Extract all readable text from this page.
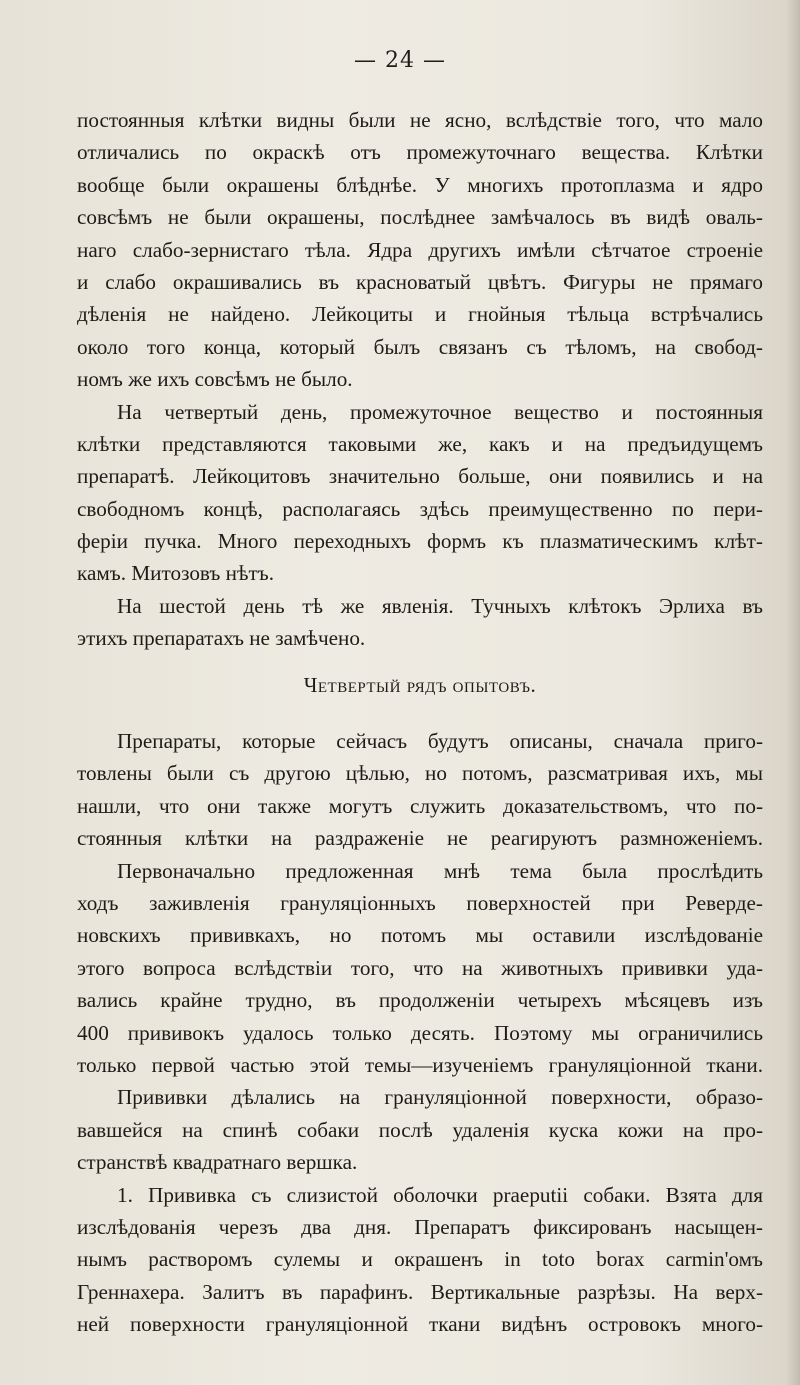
— 24 —
постоянныя клѣтки видны были не ясно, вслѣдствіе того, что мало
отличались по окраскѣ отъ промежуточнаго вещества. Клѣтки
вообще были окрашены блѣднѣе. У многихъ протоплазма и ядро
совсѣмъ не были окрашены, послѣднее замѣчалось въ видѣ оваль-
наго слабо-зернистаго тѣла. Ядра другихъ имѣли сѣтчатое строеніе
и слабо окрашивались въ красноватый цвѣтъ. Фигуры не прямаго
дѣленія не найдено. Лейкоциты и гнойныя тѣльца встрѣчались
около того конца, который былъ связанъ съ тѣломъ, на свобод-
номъ же ихъ совсѣмъ не было.
На четвертый день, промежуточное вещество и постоянныя
клѣтки представляются таковыми же, какъ и на предъидущемъ
препаратѣ. Лейкоцитовъ значительно больше, они появились и на
свободномъ концѣ, располагаясь здѣсь преимущественно по пери-
феріи пучка. Много переходныхъ формъ къ плазматическимъ клѣт-
камъ. Митозовъ нѣтъ.
На шестой день тѣ же явленія. Тучныхъ клѣтокъ Эрлиха въ
этихъ препаратахъ не замѣчено.
Четвертый рядъ опытовъ.
Препараты, которые сейчасъ будутъ описаны, сначала приго-
товлены были съ другою цѣлью, но потомъ, разсматривая ихъ, мы
нашли, что они также могутъ служить доказательствомъ, что по-
стоянныя клѣтки на раздраженіе не реагируютъ размноженіемъ.
Первоначально предложенная мнѣ тема была прослѣдить
ходъ заживленія грануляціонныхъ поверхностей при Реверде-
новскихъ прививкахъ, но потомъ мы оставили изслѣдованіе
этого вопроса вслѣдствіи того, что на животныхъ прививки уда-
вались крайне трудно, въ продолженіи четырехъ мѣсяцевъ изъ
400 прививокъ удалось только десять. Поэтому мы ограничились
только первой частью этой темы—изученіемъ грануляціонной ткани.
Прививки дѣлались на грануляціонной поверхности, образо-
вавшейся на спинѣ собаки послѣ удаленія куска кожи на про-
странствѣ квадратнаго вершка.
1. Прививка съ слизистой оболочки praeputii собаки. Взята для
изслѣдованія черезъ два дня. Препаратъ фиксированъ насыщен-
нымъ растворомъ сулемы и окрашенъ in toto borax carmin'омъ
Греннахера. Залитъ въ парафинъ. Вертикальные разрѣзы. На верх-
ней поверхности грануляціонной ткани видѣнъ островокъ много-
